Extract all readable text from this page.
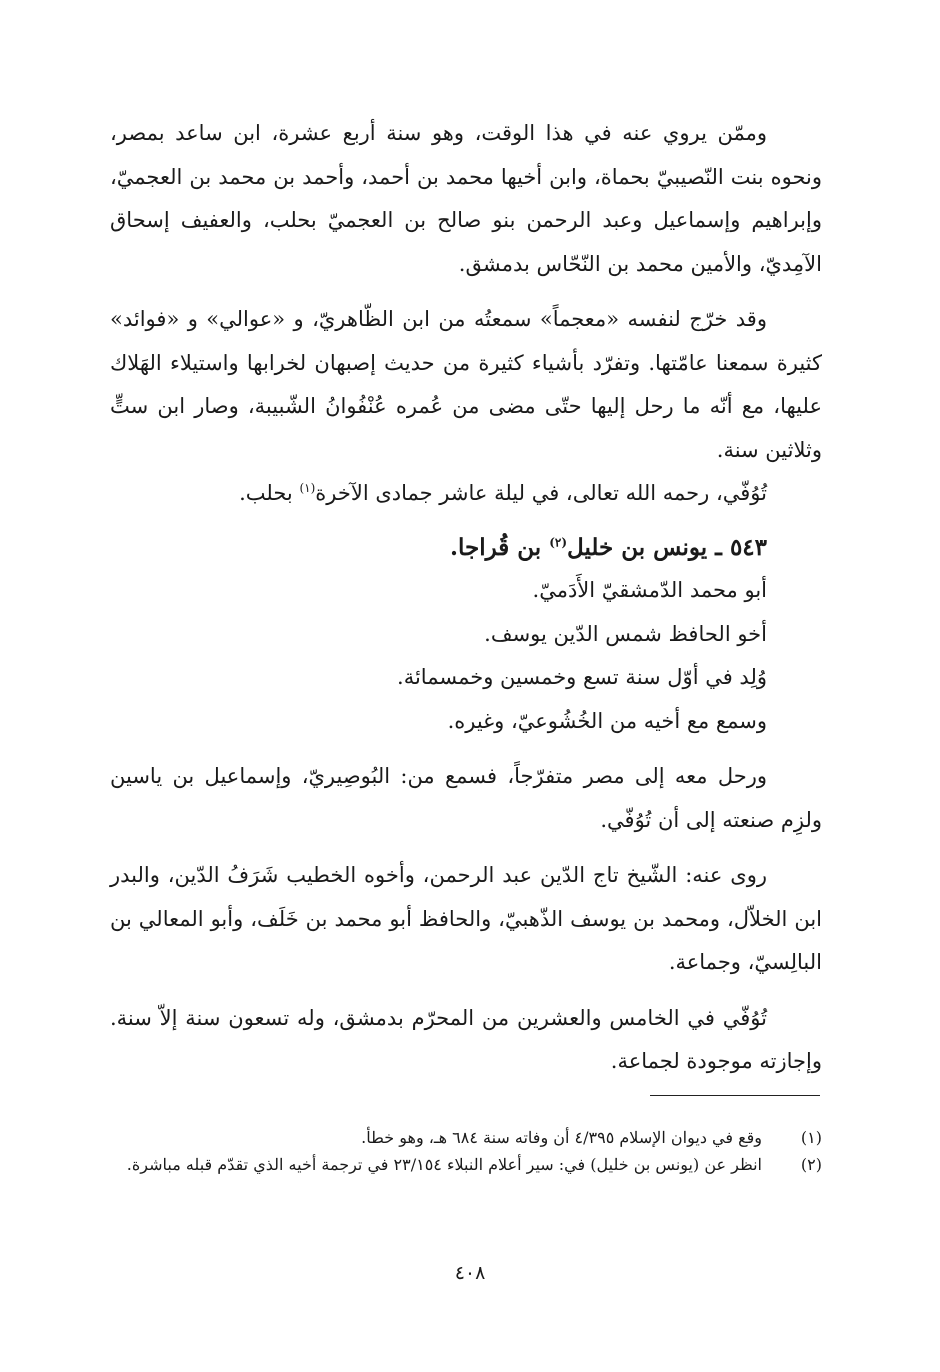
وممّن يروي عنه في هذا الوقت، وهو سنة أربع عشرة، ابن ساعد بمصر، ونحوه بنت النّصيبيّ بحماة، وابن أخيها محمد بن أحمد، وأحمد بن محمد بن العجميّ، وإبراهيم وإسماعيل وعبد الرحمن بنو صالح بن العجميّ بحلب، والعفيف إسحاق الآمِديّ، والأمين محمد بن النّحّاس بدمشق.

وقد خرّج لنفسه «معجماً» سمعتُه من ابن الظّاهريّ، و «عوالي» و «فوائد» كثيرة سمعنا عامّتها. وتفرّد بأشياء كثيرة من حديث إصبهان لخرابها واستيلاء الهَلاك عليها، مع أنّه ما رحل إليها حتّى مضى من عُمره عُنْفُوانُ الشّبيبة، وصار ابن ستٍّ وثلاثين سنة.

تُوُفّي، رحمه الله تعالى، في ليلة عاشر جمادى الآخرة$^{(١)}$ بحلب.

٥٤٣ ـ يونس بن خليل$^{(٢)}$ بن قُراجا.

أبو محمد الدّمشقيّ الأَدَميّ.

أخو الحافظ شمس الدّين يوسف.

وُلِد في أوّل سنة تسع وخمسين وخمسمائة.

وسمع مع أخيه من الخُشُوعيّ، وغيره.

ورحل معه إلى مصر متفرّجاً، فسمع من: البُوصِيريّ، وإسماعيل بن ياسين ولزِم صنعته إلى أن تُوُفّي.

روى عنه: الشّيخ تاج الدّين عبد الرحمن، وأخوه الخطيب شَرَفُ الدّين، والبدر ابن الخلاّل، ومحمد بن يوسف الذّهبيّ، والحافظ أبو محمد بن خَلَف، وأبو المعالي بن البالِسيّ، وجماعة.

تُوُفّي في الخامس والعشرين من المحرّم بدمشق، وله تسعون سنة إلاّ سنة. وإجازته موجودة لجماعة.

(١)
وقع في ديوان الإسلام ٤/٣٩٥ أن وفاته سنة ٦٨٤ هـ، وهو خطأ.
(٢)
انظر عن (يونس بن خليل) في: سير أعلام النبلاء ٢٣/١٥٤ في ترجمة أخيه الذي تقدّم قبله مباشرة.
٤٠٨
